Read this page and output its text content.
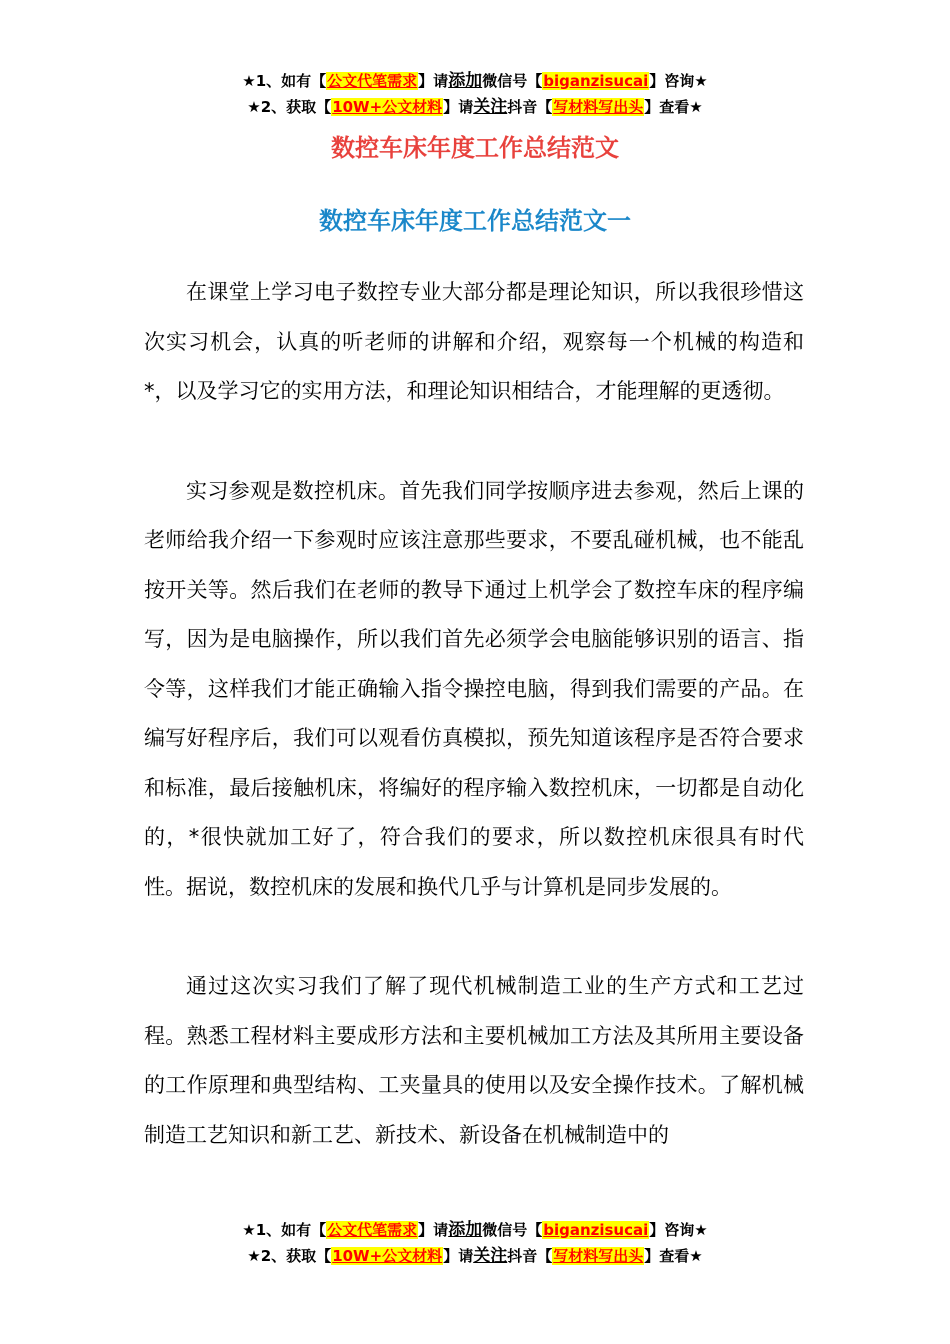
★1、如有【公文代笔需求】请添加微信号【biganzisucai】咨询★
★2、获取【10W+公文材料】请关注抖音【写材料写出头】查看★
数控车床年度工作总结范文
数控车床年度工作总结范文一

在课堂上学习电子数控专业大部分都是理论知识，所以我很珍惜这次实习机会，认真的听老师的讲解和介绍，观察每一个机械的构造和*，以及学习它的实用方法，和理论知识相结合，才能理解的更透彻。

实习参观是数控机床。首先我们同学按顺序进去参观，然后上课的老师给我介绍一下参观时应该注意那些要求，不要乱碰机械，也不能乱按开关等。然后我们在老师的教导下通过上机学会了数控车床的程序编写，因为是电脑操作，所以我们首先必须学会电脑能够识别的语言、指令等，这样我们才能正确输入指令操控电脑，得到我们需要的产品。在编写好程序后，我们可以观看仿真模拟，预先知道该程序是否符合要求和标准，最后接触机床，将编好的程序输入数控机床，一切都是自动化的，*很快就加工好了，符合我们的要求，所以数控机床很具有时代性。据说，数控机床的发展和换代几乎与计算机是同步发展的。

通过这次实习我们了解了现代机械制造工业的生产方式和工艺过程。熟悉工程材料主要成形方法和主要机械加工方法及其所用主要设备的工作原理和典型结构、工夹量具的使用以及安全操作技术。了解机械制造工艺知识和新工艺、新技术、新设备在机械制造中的

★1、如有【公文代笔需求】请添加微信号【biganzisucai】咨询★
★2、获取【10W+公文材料】请关注抖音【写材料写出头】查看★
